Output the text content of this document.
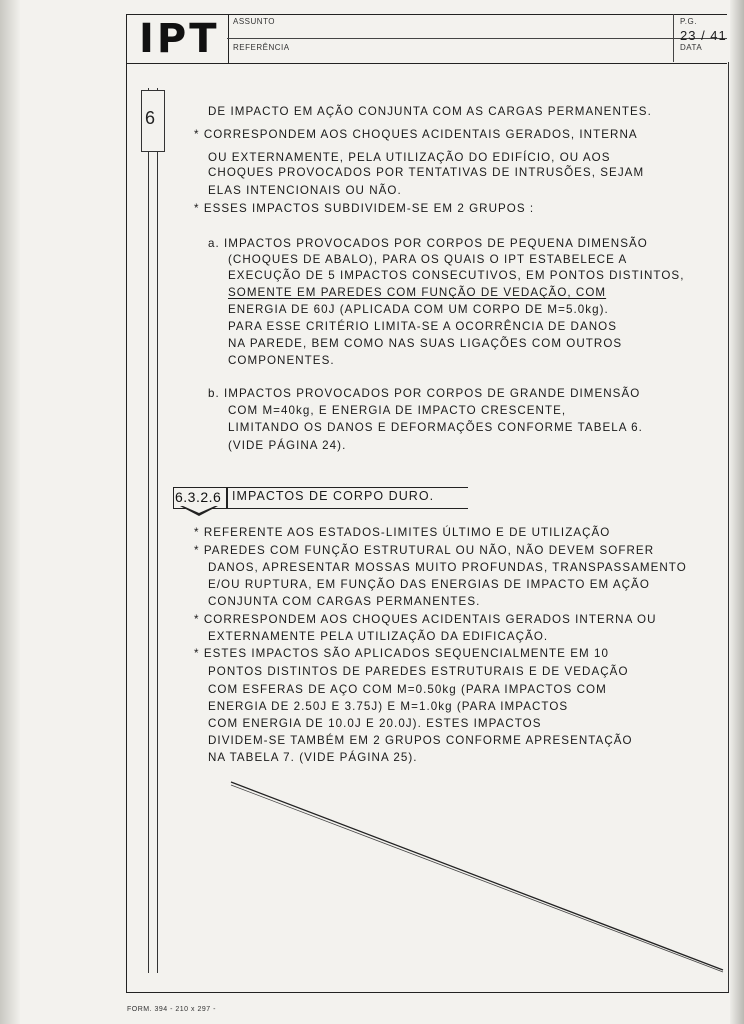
IPT ASSUNTO
REFERÊNCIA
P.G.
DATA
23 / 41
6	DE IMPACTO EM AÇÃO CONJUNTA COM AS CARGAS PERMANENTES.
* CORRESPONDEM AOS CHOQUES ACIDENTAIS GERADOS, INTERNA
OU EXTERNAMENTE, PELA UTILIZAÇÃO DO EDIFÍCIO, OU AOS
CHOQUES PROVOCADOS POR TENTATIVAS DE INTRUSÕES, SEJAM
ELAS INTENCIONAIS OU NÃO.
* ESSES IMPACTOS SUBDIVIDEM-SE EM 2 GRUPOS :
a. IMPACTOS PROVOCADOS POR CORPOS DE PEQUENA DIMENSÃO
(CHOQUES DE ABALO), PARA OS QUAIS O IPT ESTABELECE A
EXECUÇÃO DE 5 IMPACTOS CONSECUTIVOS, EM PONTOS DISTINTOS,
SOMENTE EM PAREDES COM FUNÇÃO DE VEDAÇÃO, COM
ENERGIA DE 60J (APLICADA COM UM CORPO DE M=5.0kg).
PARA ESSE CRITÉRIO LIMITA-SE A OCORRÊNCIA DE DANOS
NA PAREDE, BEM COMO NAS SUAS LIGAÇÕES COM OUTROS
COMPONENTES.
b. IMPACTOS PROVOCADOS POR CORPOS DE GRANDE DIMENSÃO
COM M=40kg, E ENERGIA DE IMPACTO CRESCENTE,
LIMITANDO OS DANOS E DEFORMAÇÕES CONFORME TABELA 6.
(VIDE PÁGINA 24).
6.3.2.6 IMPACTOS DE CORPO DURO.
* REFERENTE AOS ESTADOS-LIMITES ÚLTIMO E DE UTILIZAÇÃO
* PAREDES COM FUNÇÃO ESTRUTURAL OU NÃO, NÃO DEVEM SOFRER
DANOS, APRESENTAR MOSSAS MUITO PROFUNDAS, TRANSPASSAMENTO
E/OU RUPTURA, EM FUNÇÃO DAS ENERGIAS DE IMPACTO EM AÇÃO
CONJUNTA COM CARGAS PERMANENTES.
* CORRESPONDEM AOS CHOQUES ACIDENTAIS GERADOS INTERNA OU
EXTERNAMENTE PELA UTILIZAÇÃO DA EDIFICAÇÃO.
* ESTES IMPACTOS SÃO APLICADOS SEQUENCIALMENTE EM 10
PONTOS DISTINTOS DE PAREDES ESTRUTURAIS E DE VEDAÇÃO
COM ESFERAS DE AÇO COM M=0.50kg (PARA IMPACTOS COM
ENERGIA DE 2.50J E 3.75J) E M=1.0kg (PARA IMPACTOS
COM ENERGIA DE 10.0J E 20.0J). ESTES IMPACTOS
DIVIDEM-SE TAMBÉM EM 2 GRUPOS CONFORME APRESENTAÇÃO
NA TABELA 7. (VIDE PÁGINA 25).
FORM. 394 - 210 x 297 -
